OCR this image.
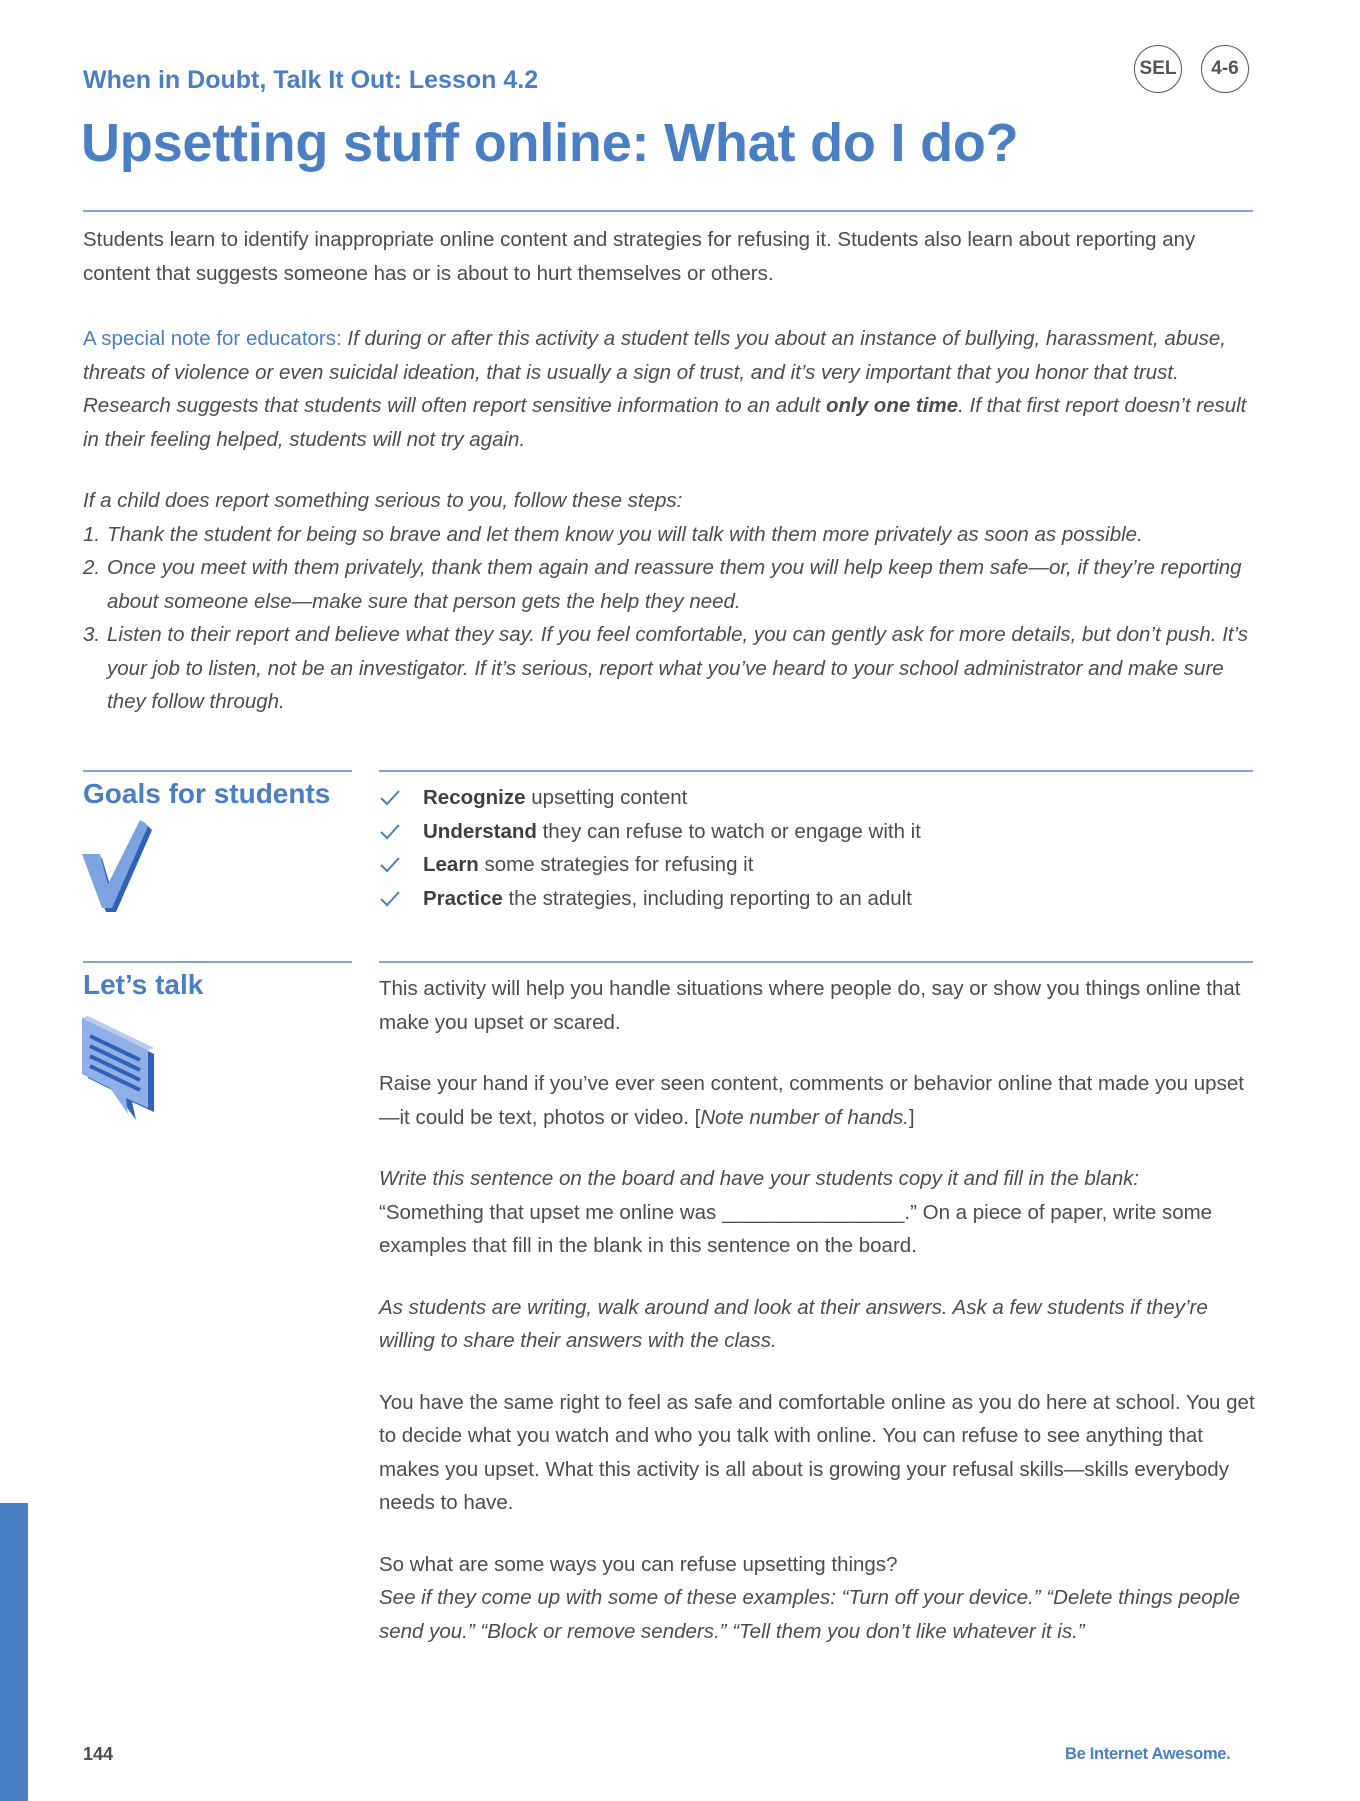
When in Doubt, Talk It Out: Lesson 4.2
Upsetting stuff online: What do I do?
SEL	4-6

Students learn to identify inappropriate online content and strategies for refusing it. Students also learn about reporting any content that suggests someone has or is about to hurt themselves or others.

A special note for educators: If during or after this activity a student tells you about an instance of bullying, harassment, abuse, threats of violence or even suicidal ideation, that is usually a sign of trust, and it’s very important that you honor that trust. Research suggests that students will often report sensitive information to an adult only one time. If that first report doesn’t result in their feeling helped, students will not try again.

If a child does report something serious to you, follow these steps:
1. Thank the student for being so brave and let them know you will talk with them more privately as soon as possible.
2. Once you meet with them privately, thank them again and reassure them you will help keep them safe—or, if they’re reporting about someone else—make sure that person gets the help they need.
3. Listen to their report and believe what they say. If you feel comfortable, you can gently ask for more details, but don’t push. It’s your job to listen, not be an investigator. If it’s serious, report what you’ve heard to your school administrator and make sure they follow through.
Goals for students	Recognize upsetting content
Understand they can refuse to watch or engage with it
Learn some strategies for refusing it
Practice the strategies, including reporting to an adult
Let’s talk	This activity will help you handle situations where people do, say or show you things online that make you upset or scared.

Raise your hand if you’ve ever seen content, comments or behavior online that made you upset—it could be text, photos or video. [Note number of hands.]

Write this sentence on the board and have your students copy it and fill in the blank:
“Something that upset me online was ________________.” On a piece of paper, write some examples that fill in the blank in this sentence on the board.

As students are writing, walk around and look at their answers. Ask a few students if they’re willing to share their answers with the class.

You have the same right to feel as safe and comfortable online as you do here at school. You get to decide what you watch and who you talk with online. You can refuse to see anything that makes you upset. What this activity is all about is growing your refusal skills—skills everybody needs to have.

So what are some ways you can refuse upsetting things?
See if they come up with some of these examples: “Turn off your device.” “Delete things people send you.” “Block or remove senders.” “Tell them you don’t like whatever it is.”

144	Be Internet Awesome.
